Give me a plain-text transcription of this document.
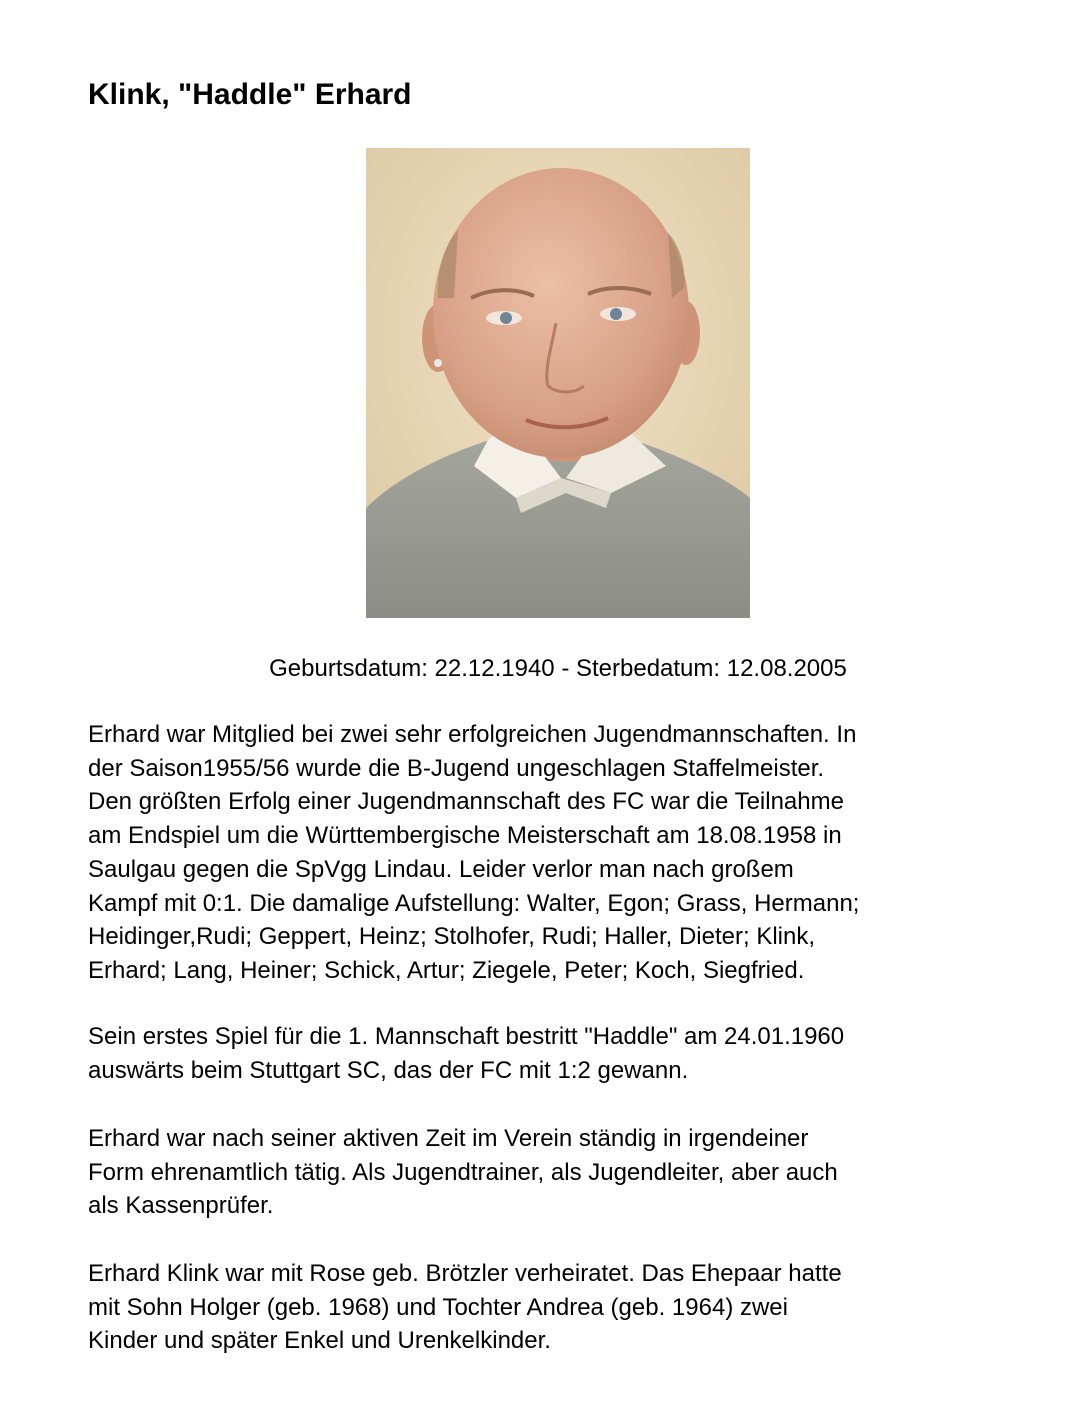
Klink, "Haddle" Erhard
Geburtsdatum: 22.12.1940 - Sterbedatum: 12.08.2005
Erhard war Mitglied bei zwei sehr erfolgreichen Jugendmannschaften. In
der Saison1955/56 wurde die B-Jugend ungeschlagen Staffelmeister.
Den größten Erfolg einer Jugendmannschaft des FC war die Teilnahme
am Endspiel um die Württembergische Meisterschaft am 18.08.1958 in
Saulgau gegen die SpVgg Lindau. Leider verlor man nach großem
Kampf mit 0:1. Die damalige Aufstellung: Walter, Egon; Grass, Hermann;
Heidinger,Rudi; Geppert, Heinz; Stolhofer, Rudi; Haller, Dieter; Klink,
Erhard; Lang, Heiner; Schick, Artur; Ziegele, Peter; Koch, Siegfried.
Sein erstes Spiel für die 1. Mannschaft bestritt "Haddle" am 24.01.1960
auswärts beim Stuttgart SC, das der FC mit 1:2 gewann.
Erhard war nach seiner aktiven Zeit im Verein ständig in irgendeiner
Form ehrenamtlich tätig. Als Jugendtrainer, als Jugendleiter, aber auch
als Kassenprüfer.
Erhard Klink war mit Rose geb. Brötzler verheiratet. Das Ehepaar hatte
mit Sohn Holger (geb. 1968) und Tochter Andrea (geb. 1964) zwei
Kinder und später Enkel und Urenkelkinder.
